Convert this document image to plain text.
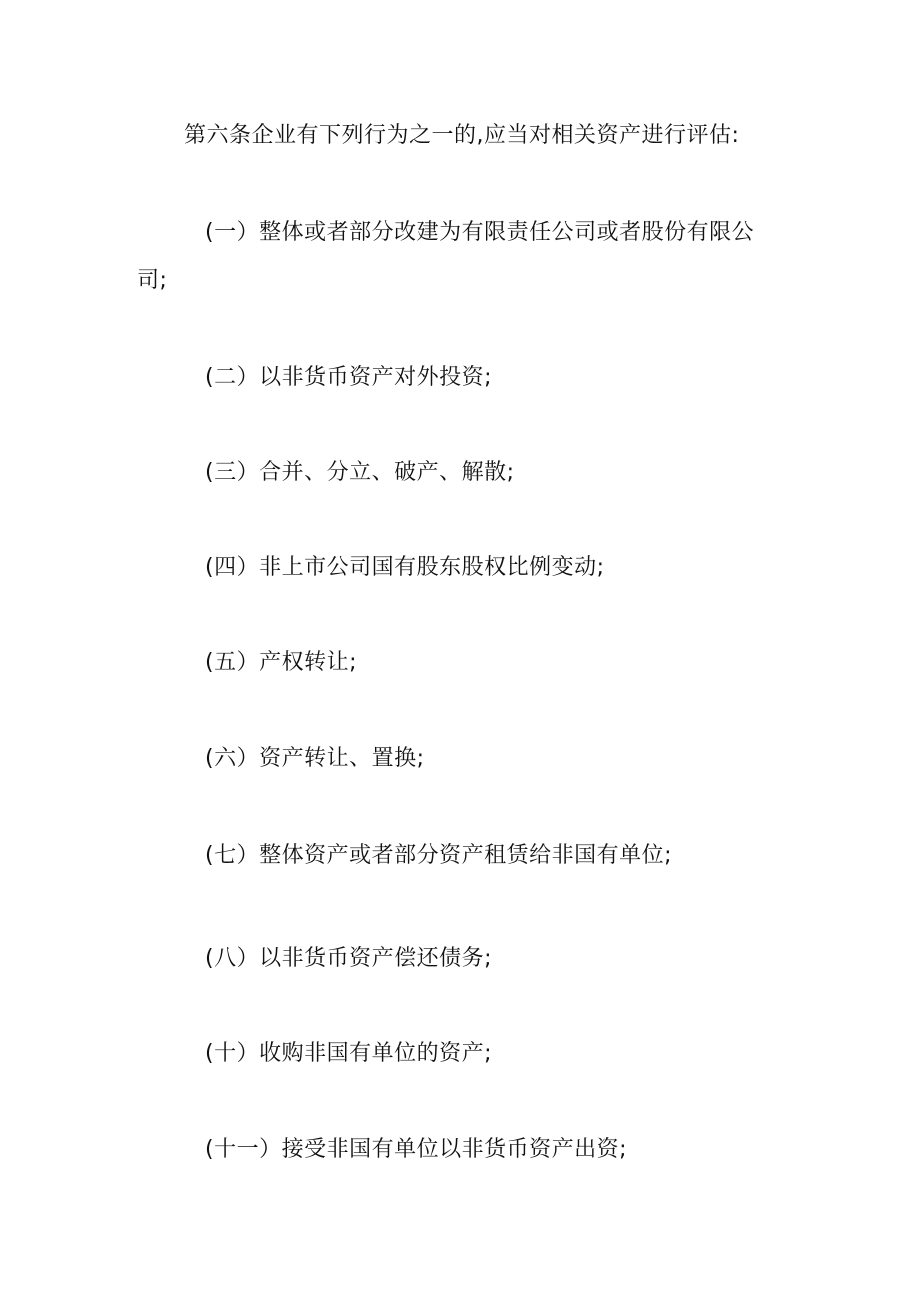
第六条企业有下列行为之一的,应当对相关资产进行评估:

(一）整体或者部分改建为有限责任公司或者股份有限公

司;

(二）以非货币资产对外投资;

(三）合并、分立、破产、解散;

(四）非上市公司国有股东股权比例变动;

(五）产权转让;

(六）资产转让、置换;

(七）整体资产或者部分资产租赁给非国有单位;

(八）以非货币资产偿还债务;

(十）收购非国有单位的资产;

(十一）接受非国有单位以非货币资产出资;
